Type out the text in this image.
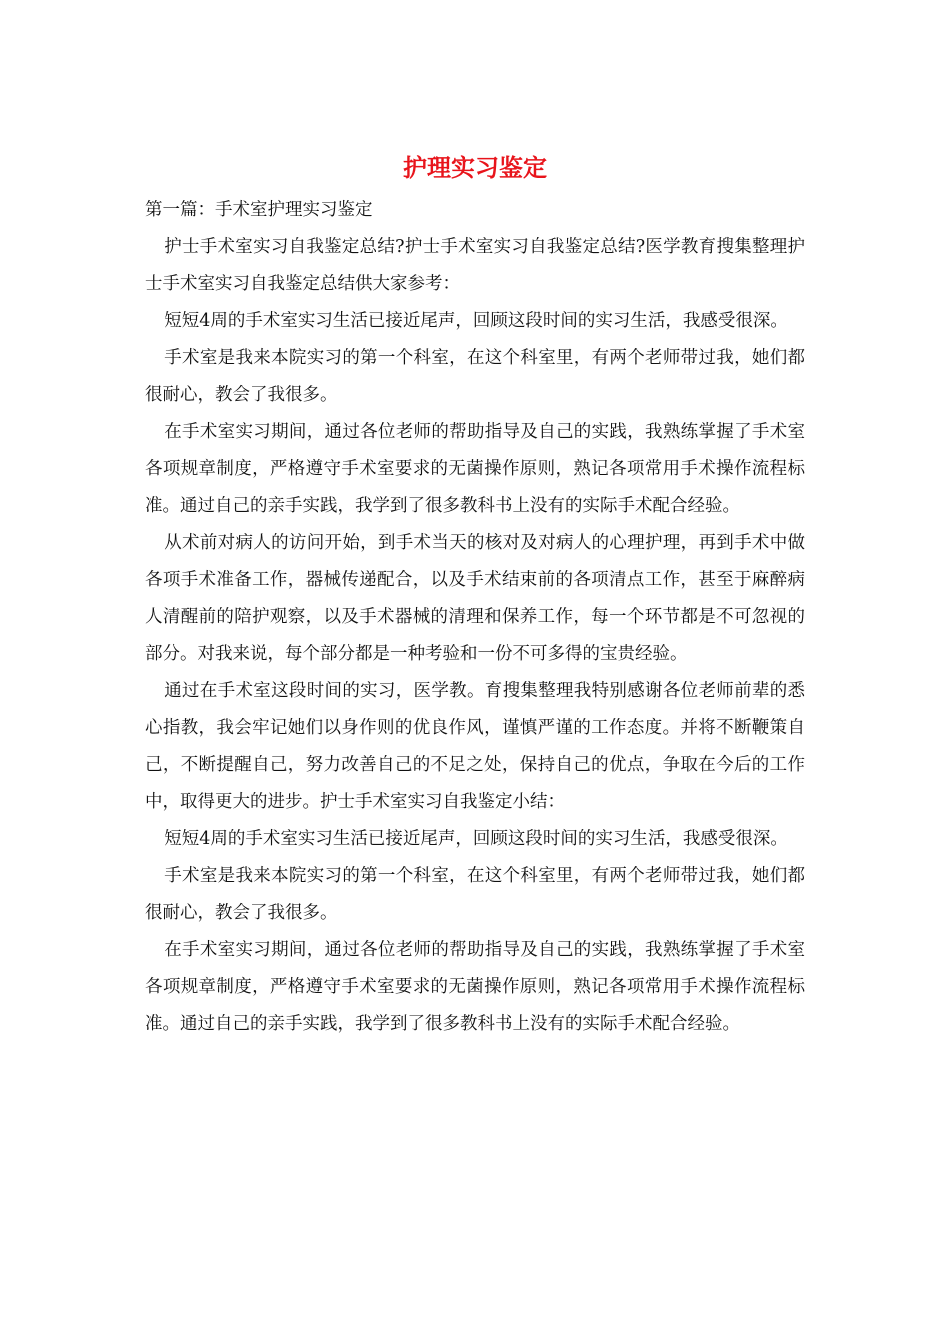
护理实习鉴定

第一篇：手术室护理实习鉴定

护士手术室实习自我鉴定总结?护士手术室实习自我鉴定总结?医学教育搜集整理护士手术室实习自我鉴定总结供大家参考：

短短4周的手术室实习生活已接近尾声，回顾这段时间的实习生活，我感受很深。

手术室是我来本院实习的第一个科室，在这个科室里，有两个老师带过我，她们都很耐心，教会了我很多。

在手术室实习期间，通过各位老师的帮助指导及自己的实践，我熟练掌握了手术室各项规章制度，严格遵守手术室要求的无菌操作原则，熟记各项常用手术操作流程标准。通过自己的亲手实践，我学到了很多教科书上没有的实际手术配合经验。

从术前对病人的访问开始，到手术当天的核对及对病人的心理护理，再到手术中做各项手术准备工作，器械传递配合，以及手术结束前的各项清点工作，甚至于麻醉病人清醒前的陪护观察，以及手术器械的清理和保养工作，每一个环节都是不可忽视的部分。对我来说，每个部分都是一种考验和一份不可多得的宝贵经验。

通过在手术室这段时间的实习，医学教。育搜集整理我特别感谢各位老师前辈的悉心指教，我会牢记她们以身作则的优良作风，谨慎严谨的工作态度。并将不断鞭策自己，不断提醒自己，努力改善自己的不足之处，保持自己的优点，争取在今后的工作中，取得更大的进步。护士手术室实习自我鉴定小结：

短短4周的手术室实习生活已接近尾声，回顾这段时间的实习生活，我感受很深。

手术室是我来本院实习的第一个科室，在这个科室里，有两个老师带过我，她们都很耐心，教会了我很多。

在手术室实习期间，通过各位老师的帮助指导及自己的实践，我熟练掌握了手术室各项规章制度，严格遵守手术室要求的无菌操作原则，熟记各项常用手术操作流程标准。通过自己的亲手实践，我学到了很多教科书上没有的实际手术配合经验。
